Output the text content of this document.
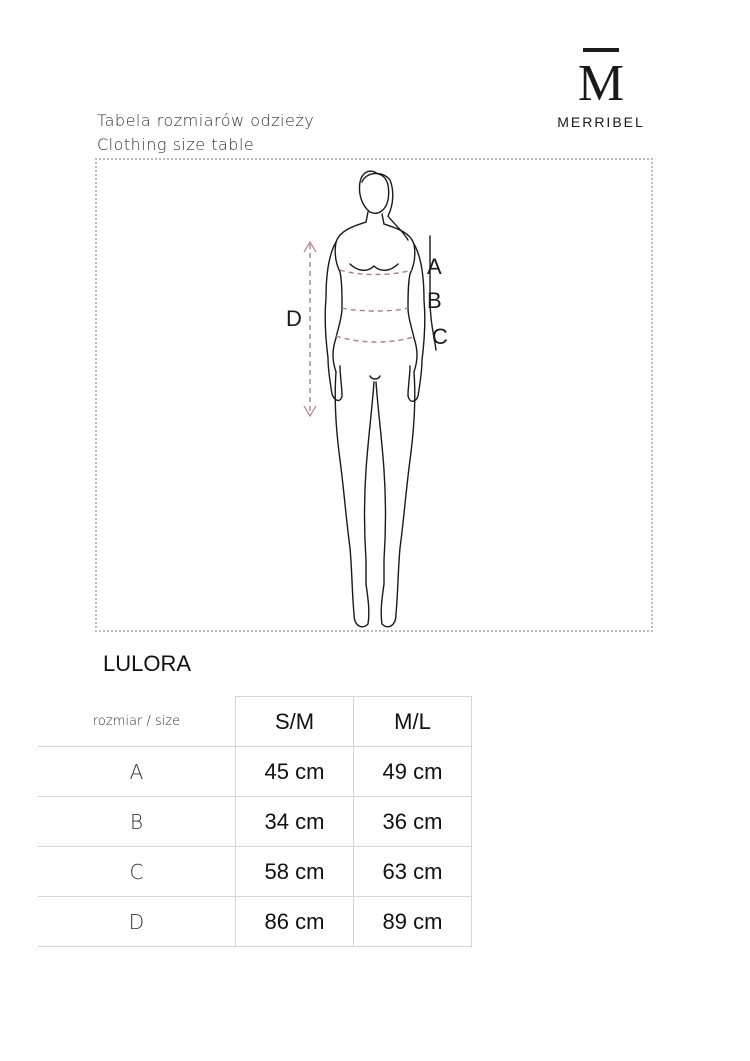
M
MERRIBEL
Tabela rozmiarów odzieży
Clothing size table
A
B
C
D
LULORA
rozmiar / size	S/M	M/L
A	45 cm	49 cm
B	34 cm	36 cm
C	58 cm	63 cm
D	86 cm	89 cm
